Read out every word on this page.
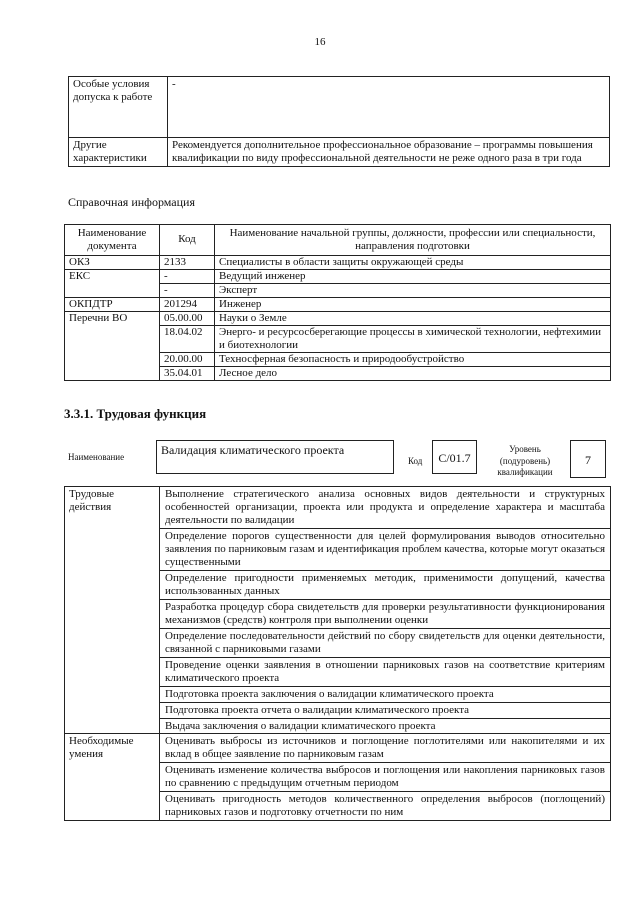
16
Особые условия допуска к работе	-
Другие характеристики	Рекомендуется дополнительное профессиональное образование – программы повышения квалификации по виду профессиональной деятельности не реже одного раза в три года
Справочная информация
Наименование документа	Код	Наименование начальной группы, должности, профессии или специальности, направления подготовки
ОКЗ	2133	Специалисты в области защиты окружающей среды
ЕКС	-	Ведущий инженер
	-	Эксперт
ОКПДТР	201294	Инженер
Перечни ВО	05.00.00	Науки о Земле
	18.04.02	Энерго- и ресурсосберегающие процессы в химической технологии, нефтехимии и биотехнологии
	20.00.00	Техносферная безопасность и природообустройство
	35.04.01	Лесное дело
3.3.1. Трудовая функция
Наименование	Валидация климатического проекта
Код	C/01.7
Уровень (подуровень) квалификации
7
Трудовые действия	Выполнение стратегического анализа основных видов деятельности и структурных особенностей организации, проекта или продукта и определение характера и масштаба деятельности по валидации
	Определение порогов существенности для целей формулирования выводов относительно заявления по парниковым газам и идентификация проблем качества, которые могут оказаться существенными
	Определение пригодности применяемых методик, применимости допущений, качества использованных данных
	Разработка процедур сбора свидетельств для проверки результативности функционирования механизмов (средств) контроля при выполнении оценки
	Определение последовательности действий по сбору свидетельств для оценки деятельности, связанной с парниковыми газами
	Проведение оценки заявления в отношении парниковых газов на соответствие критериям климатического проекта
	Подготовка проекта заключения о валидации климатического проекта
	Подготовка проекта отчета о валидации климатического проекта
	Выдача заключения о валидации климатического проекта
Необходимые умения	Оценивать выбросы из источников и поглощение поглотителями или накопителями и их вклад в общее заявление по парниковым газам
	Оценивать изменение количества выбросов и поглощения или накопления парниковых газов по сравнению с предыдущим отчетным периодом
	Оценивать пригодность методов количественного определения выбросов (поглощений) парниковых газов и подготовку отчетности по ним
